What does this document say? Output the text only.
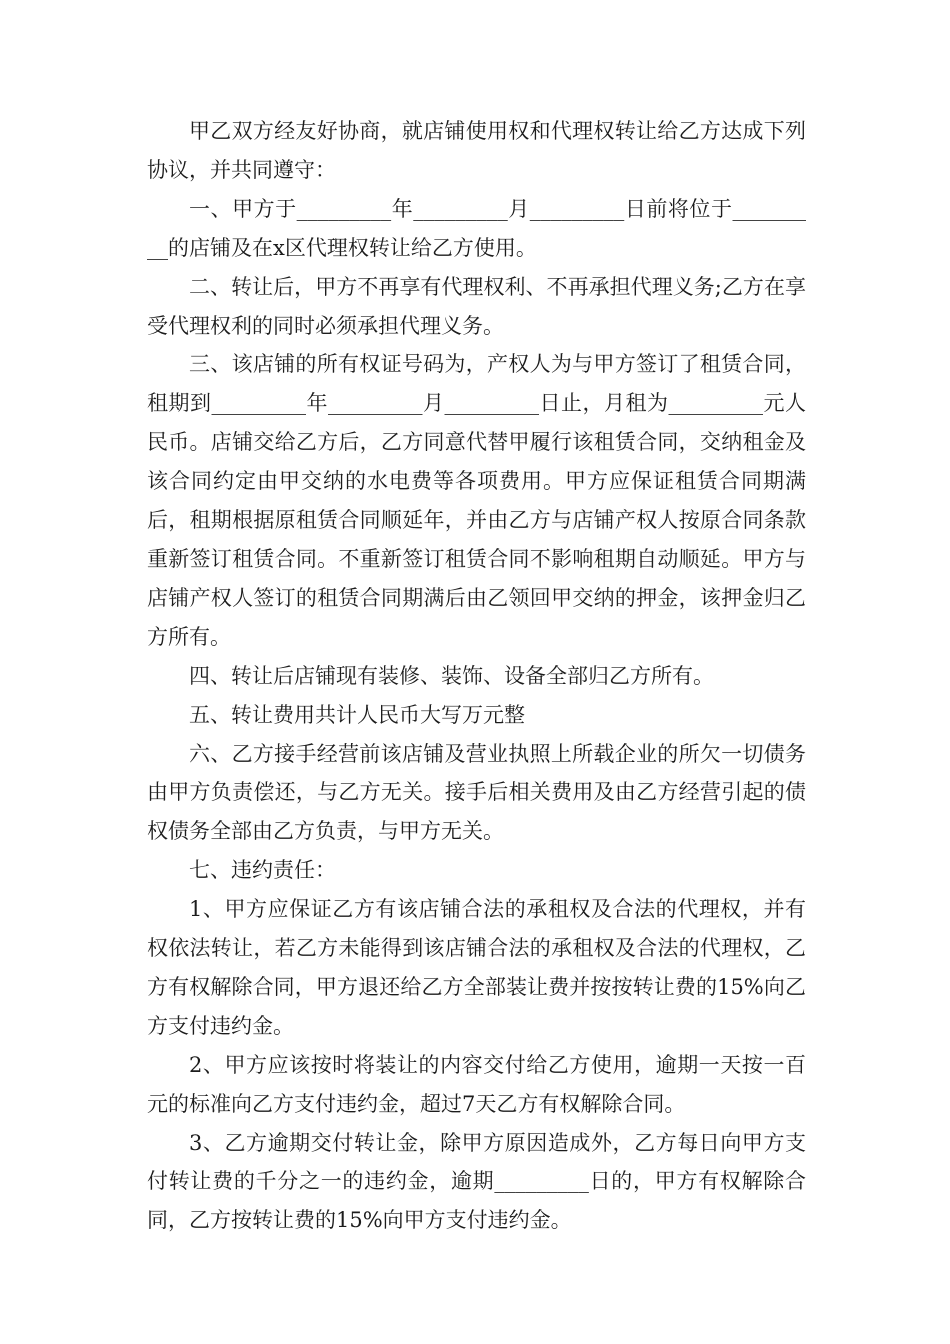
甲乙双方经友好协商，就店铺使用权和代理权转让给乙方达成下列协议，并共同遵守：

一、甲方于_________年_________月_________日前将位于_________的店铺及在x区代理权转让给乙方使用。

二、转让后，甲方不再享有代理权利、不再承担代理义务;乙方在享受代理权利的同时必须承担代理义务。

三、该店铺的所有权证号码为，产权人为与甲方签订了租赁合同，租期到_________年_________月_________日止，月租为_________元人民币。店铺交给乙方后，乙方同意代替甲履行该租赁合同，交纳租金及该合同约定由甲交纳的水电费等各项费用。甲方应保证租赁合同期满后，租期根据原租赁合同顺延年，并由乙方与店铺产权人按原合同条款重新签订租赁合同。不重新签订租赁合同不影响租期自动顺延。甲方与店铺产权人签订的租赁合同期满后由乙领回甲交纳的押金，该押金归乙方所有。

四、转让后店铺现有装修、装饰、设备全部归乙方所有。

五、转让费用共计人民币大写万元整

六、乙方接手经营前该店铺及营业执照上所载企业的所欠一切债务由甲方负责偿还，与乙方无关。接手后相关费用及由乙方经营引起的债权债务全部由乙方负责，与甲方无关。

七、违约责任：

1、甲方应保证乙方有该店铺合法的承租权及合法的代理权，并有权依法转让，若乙方未能得到该店铺合法的承租权及合法的代理权，乙方有权解除合同，甲方退还给乙方全部装让费并按按转让费的15%向乙方支付违约金。

2、甲方应该按时将装让的内容交付给乙方使用，逾期一天按一百元的标准向乙方支付违约金，超过7天乙方有权解除合同。

3、乙方逾期交付转让金，除甲方原因造成外，乙方每日向甲方支付转让费的千分之一的违约金，逾期_________日的，甲方有权解除合同，乙方按转让费的15%向甲方支付违约金。
